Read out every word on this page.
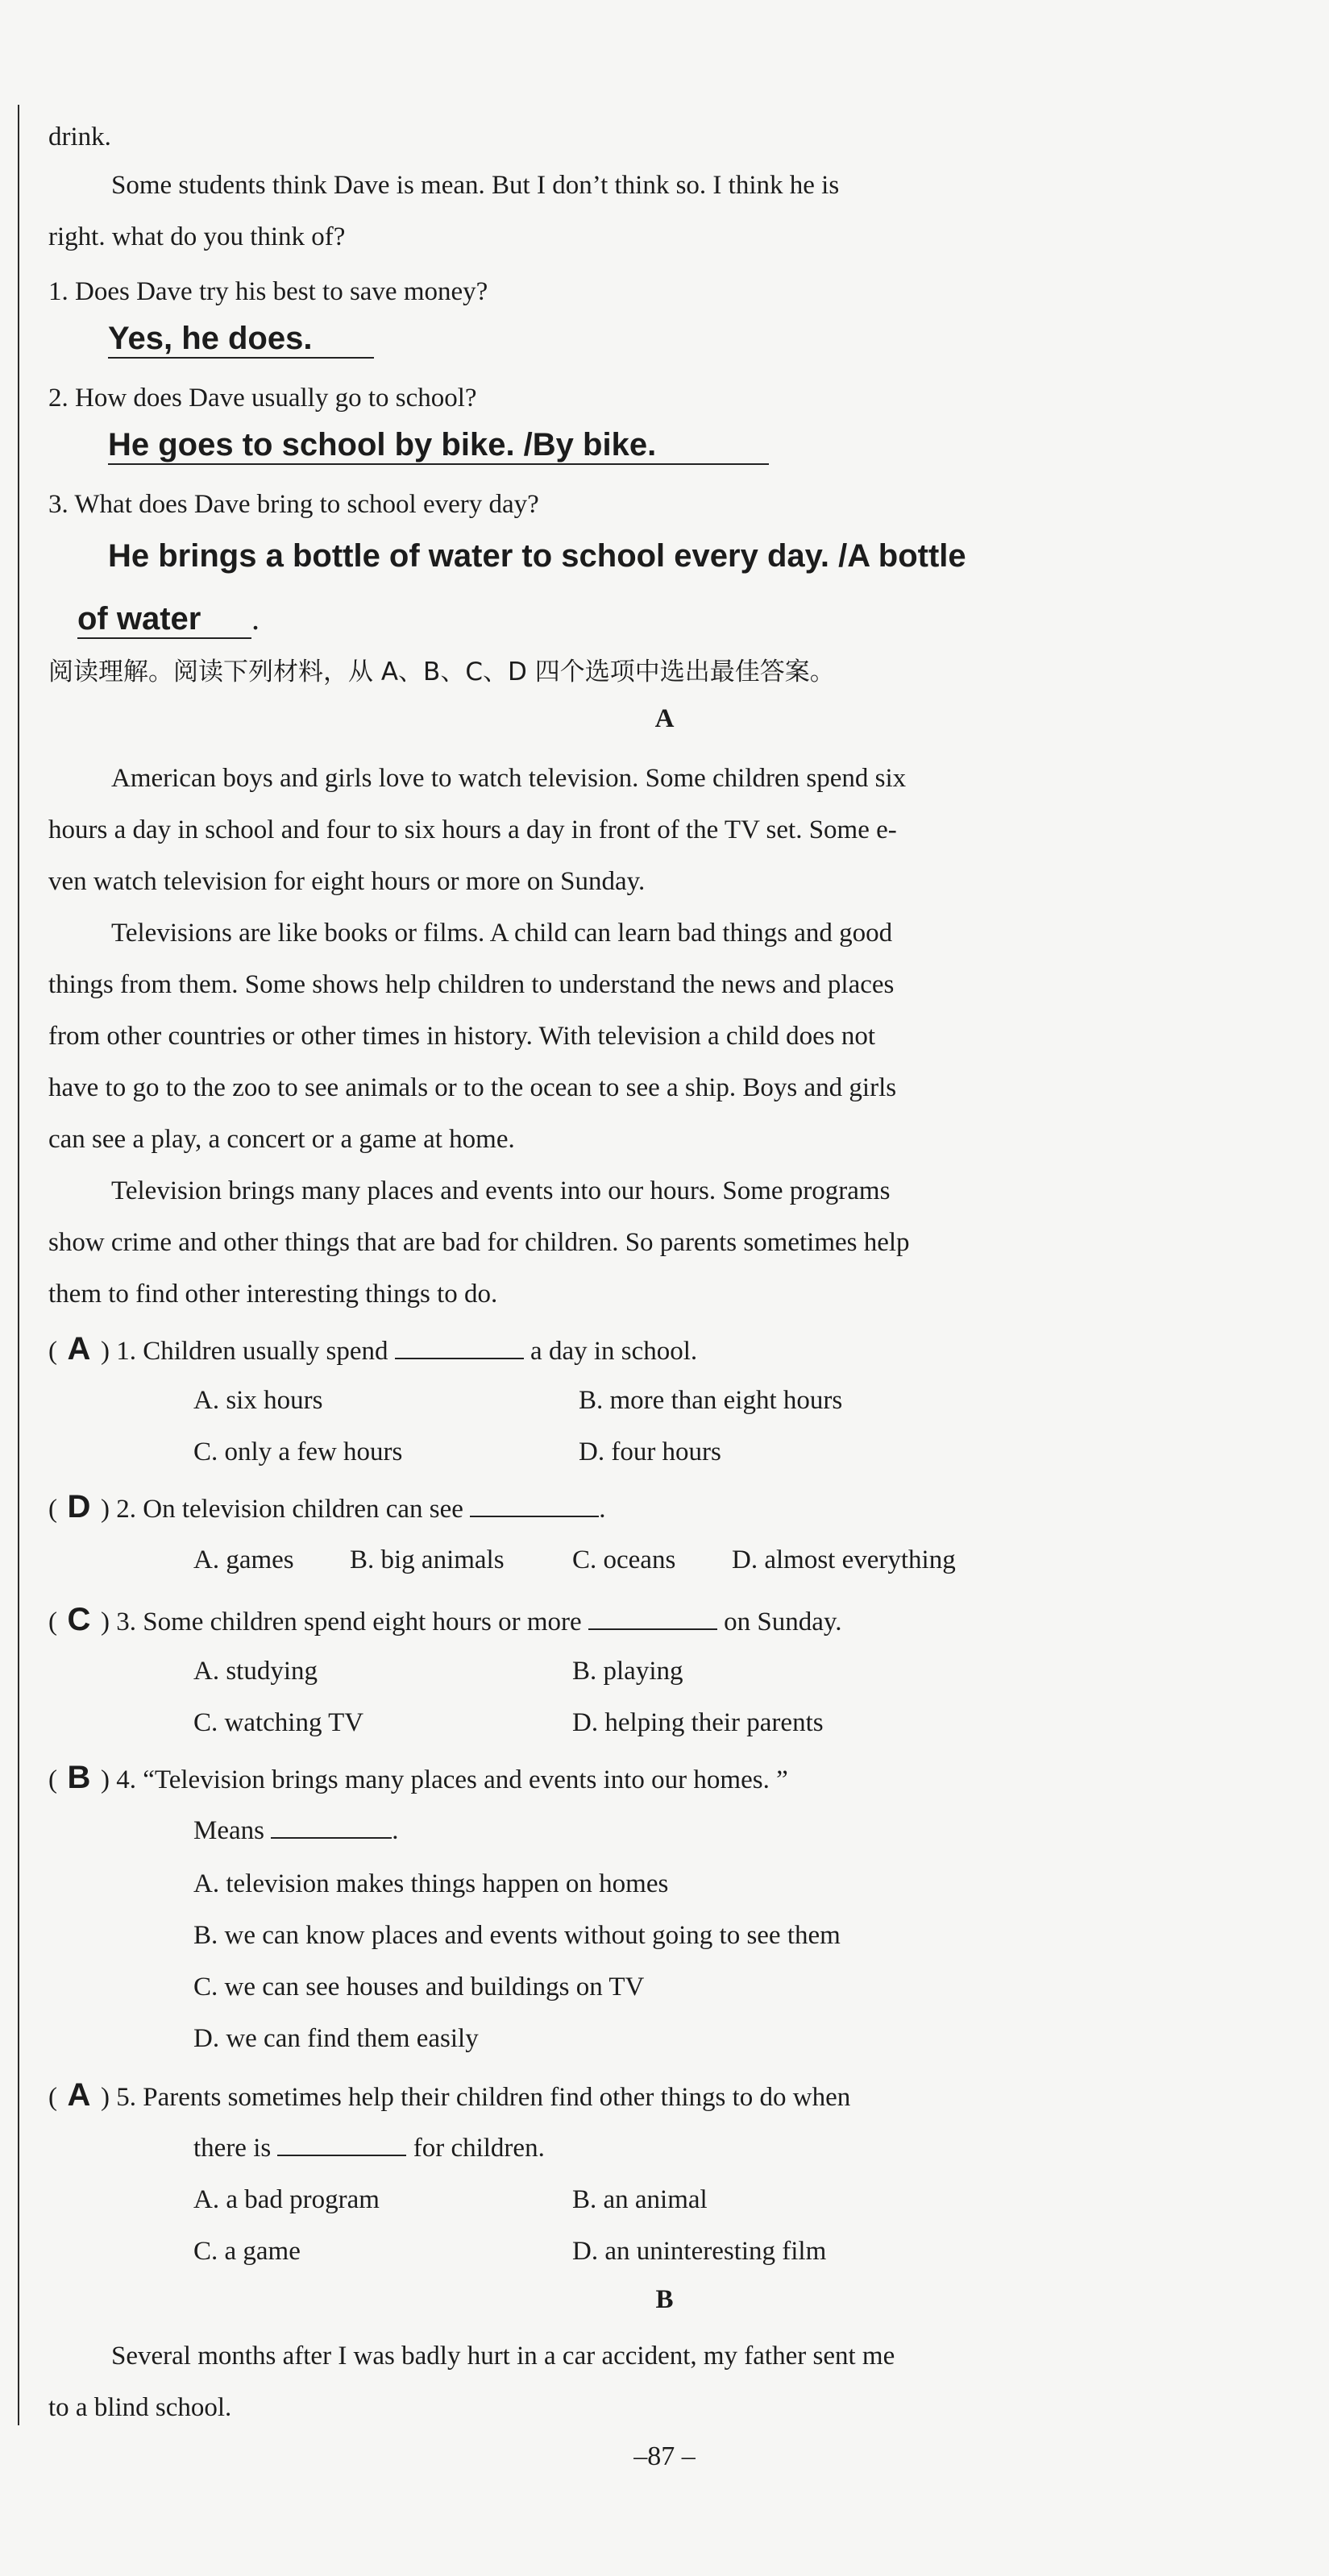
drink.
Some students think Dave is mean. But I don’t think so. I think he is
right. what do you think of?
1. Does Dave try his best to save money?
Yes, he does.
2. How does Dave usually go to school?
He goes to school by bike. /By bike.
3. What does Dave bring to school every day?
He brings a bottle of water to school every day. /A bottle
of water .
阅读理解。阅读下列材料，从 A、B、C、D 四个选项中选出最佳答案。
A
American boys and girls love to watch television. Some children spend six
hours a day in school and four to six hours a day in front of the TV set. Some e-
ven watch television for eight hours or more on Sunday.
Televisions are like books or films. A child can learn bad things and good
things from them. Some shows help children to understand the news and places
from other countries or other times in history. With television a child does not
have to go to the zoo to see animals or to the ocean to see a ship. Boys and girls
can see a play, a concert or a game at home.
Television brings many places and events into our hours. Some programs
show crime and other things that are bad for children. So parents sometimes help
them to find other interesting things to do.
( A ) 1. Children usually spend	a day in school.
A. six hours	B. more than eight hours
C. only a few hours	D. four hours
( D ) 2. On television children can see	.
A. games B. big animals	C. oceans D. almost everything
( C ) 3. Some children spend eight hours or more	on Sunday.
A. studying	B. playing
C. watching TV	D. helping their parents
( B ) 4. “Television brings many places and events into our homes. ”
Means	.
A. television makes things happen on homes
B. we can know places and events without going to see them
C. we can see houses and buildings on TV
D. we can find them easily
( A ) 5. Parents sometimes help their children find other things to do when
there is	for children.
A. a bad program	B. an animal
C. a game	D. an uninteresting film
B
Several months after I was badly hurt in a car accident, my father sent me
to a blind school.
–87 –
